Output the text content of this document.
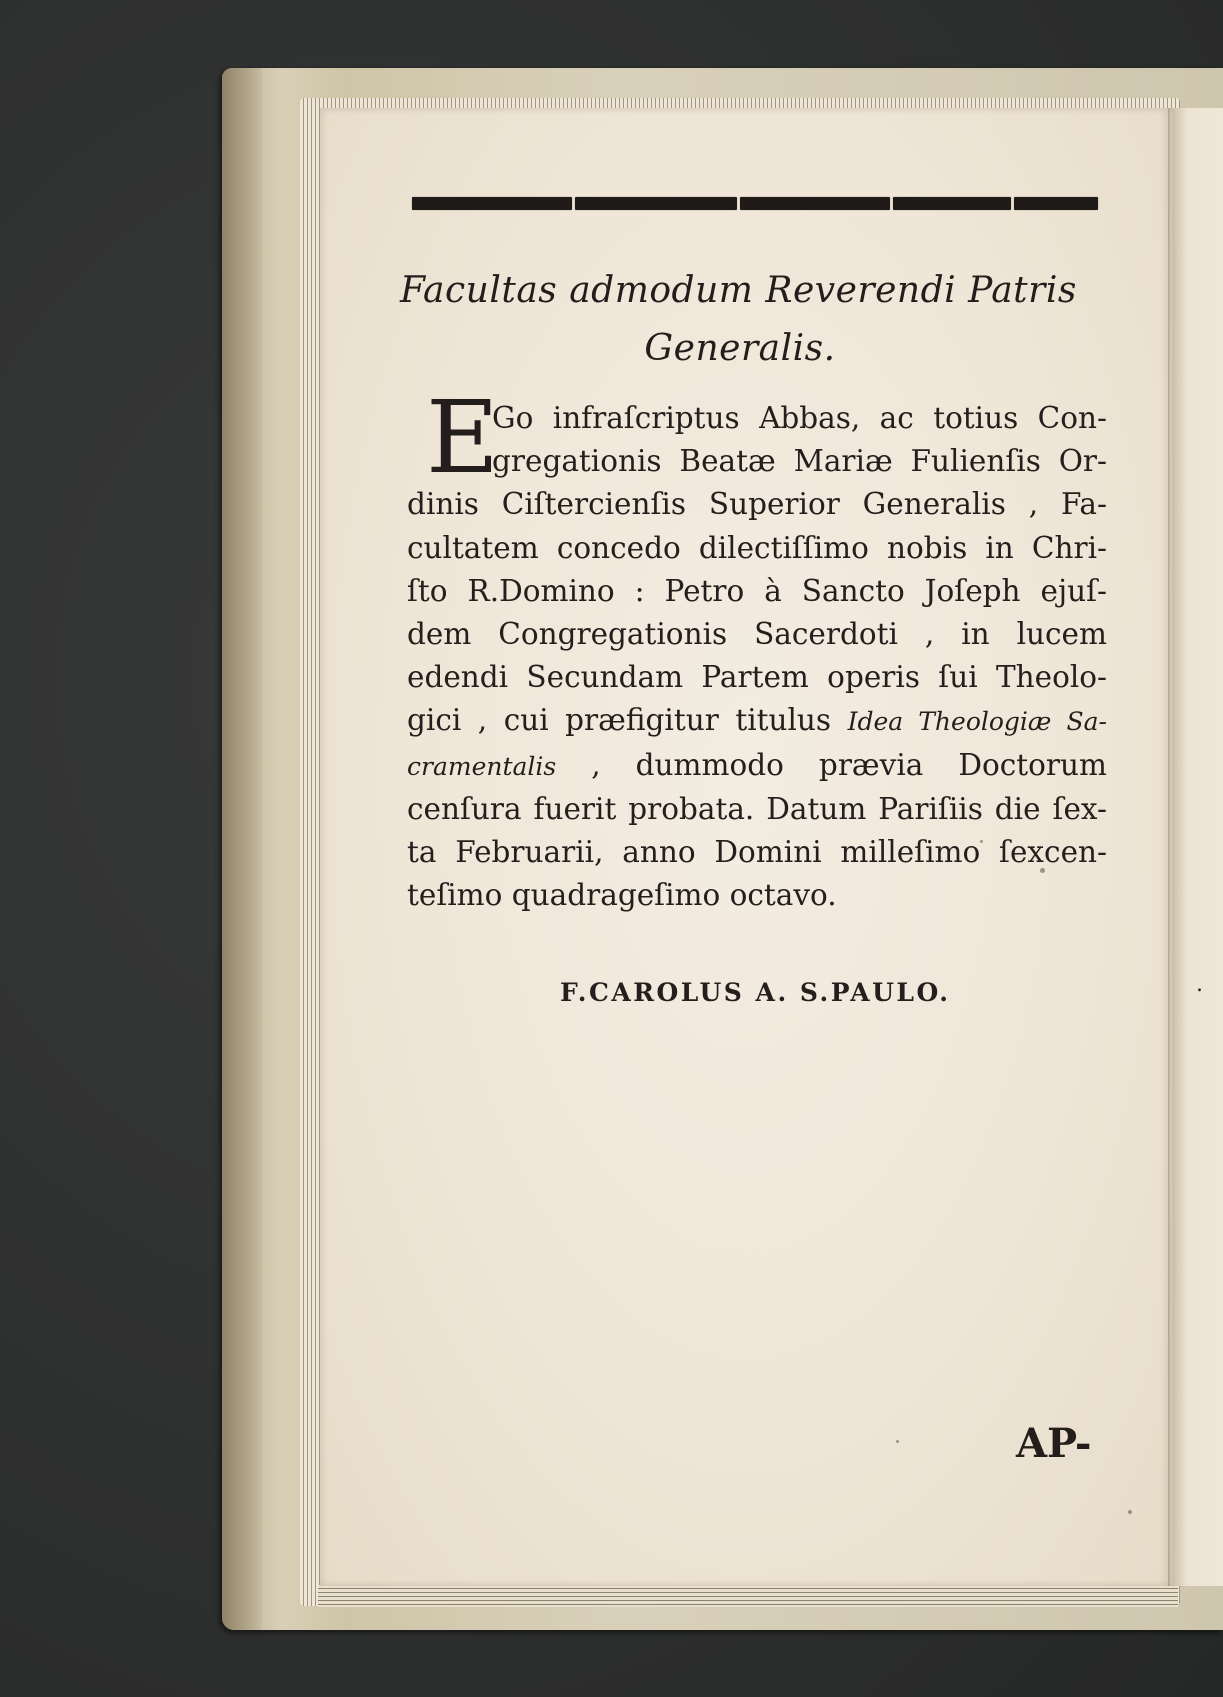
Facultas admodum Reverendi Patris
Generalis.
E
Go infraſcriptus Abbas, ac totius Con-
gregationis Beatæ Mariæ Fulienſis Or-
dinis Ciſtercienſis Superior Generalis , Fa-
cultatem concedo dilectiſſimo nobis in Chri-
ſto R.Domino : Petro à Sancto Joſeph ejuſ-
dem Congregationis Sacerdoti , in lucem
edendi Secundam Partem operis ſui Theolo-
gici , cui præfigitur titulus Idea Theologiæ Sa-
cramentalis , dummodo prævia Doctorum
cenſura fuerit probata. Datum Pariſiis die ſex-
ta Februarii, anno Domini milleſimo ſexcen-
teſimo quadrageſimo octavo.
F.CAROLUS A. S.PAULO.
AP-
.
